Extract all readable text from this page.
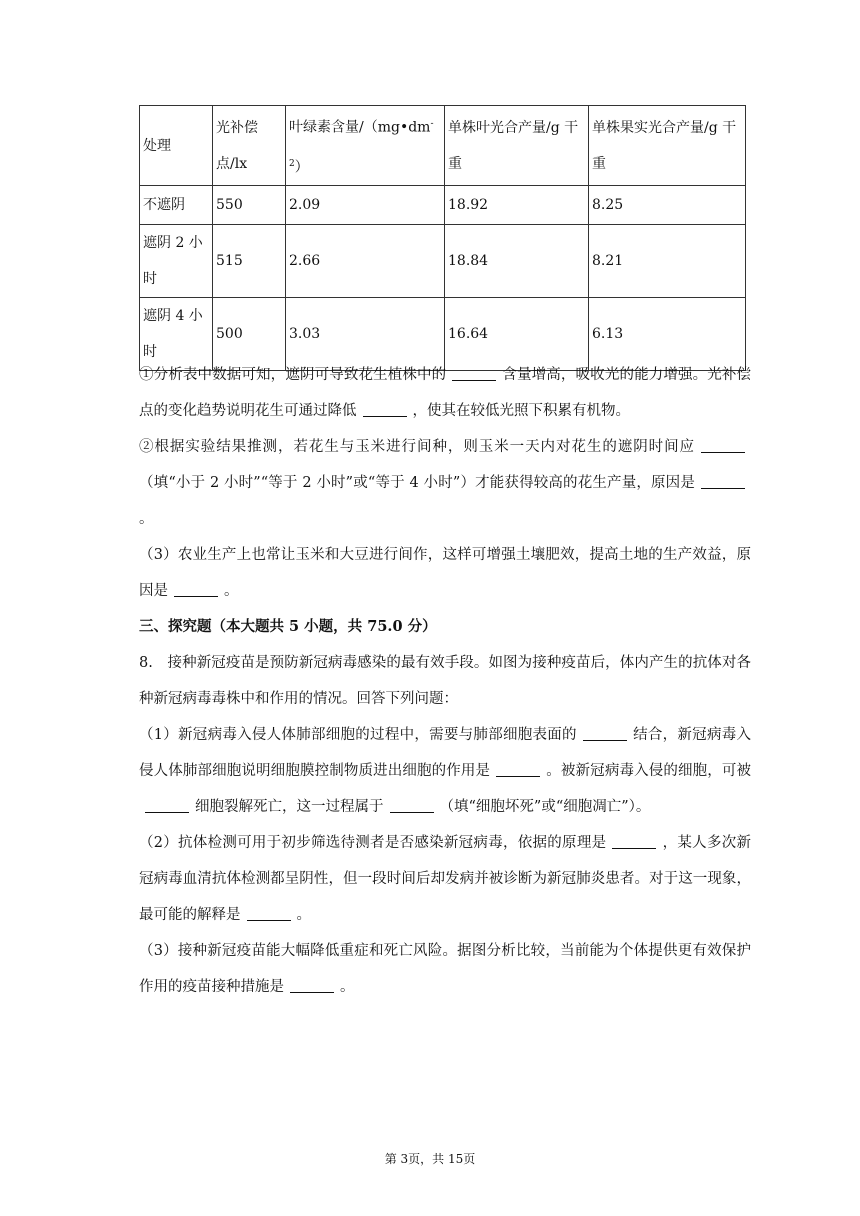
处理	光补偿点/lx	叶绿素含量$/(mg•dm^{-2})$	单株叶光合产量/g 干重	单株果实光合产量/g 干重
不遮阴	550	2.09	18.92	8.25
遮阴 2 小时	515	2.66	18.84	8.21
遮阴 4 小时	500	3.03	16.64	6.13

①分析表中数据可知，遮阴可导致花生植株中的	含量增高，吸收光的能力增强。光补偿点的变化趋势说明花生可通过降低	，使其在较低光照下积累有机物。

②根据实验结果推测，若花生与玉米进行间种，则玉米一天内对花生的遮阴时间应（填“小于 2 小时”“等于 2 小时”或“等于 4 小时”）才能获得较高的花生产量，原因是。

（3）农业生产上也常让玉米和大豆进行间作，这样可增强土壤肥效，提高土地的生产效益，原因是	。

三、探究题（本大题共 5 小题，共 75.0 分）

8.　接种新冠疫苗是预防新冠病毒感染的最有效手段。如图为接种疫苗后，体内产生的抗体对各种新冠病毒毒株中和作用的情况。回答下列问题：

（1）新冠病毒入侵人体肺部细胞的过程中，需要与肺部细胞表面的	结合，新冠病毒入侵人体肺部细胞说明细胞膜控制物质进出细胞的作用是	。被新冠病毒入侵的细胞，可被细胞裂解死亡，这一过程属于	（填“细胞坏死”或“细胞凋亡”）。

（2）抗体检测可用于初步筛选待测者是否感染新冠病毒，依据的原理是	，某人多次新冠病毒血清抗体检测都呈阴性，但一段时间后却发病并被诊断为新冠肺炎患者。对于这一现象，最可能的解释是	。

（3）接种新冠疫苗能大幅降低重症和死亡风险。据图分析比较，当前能为个体提供更有效保护作用的疫苗接种措施是	。

第 3页，共 15页
